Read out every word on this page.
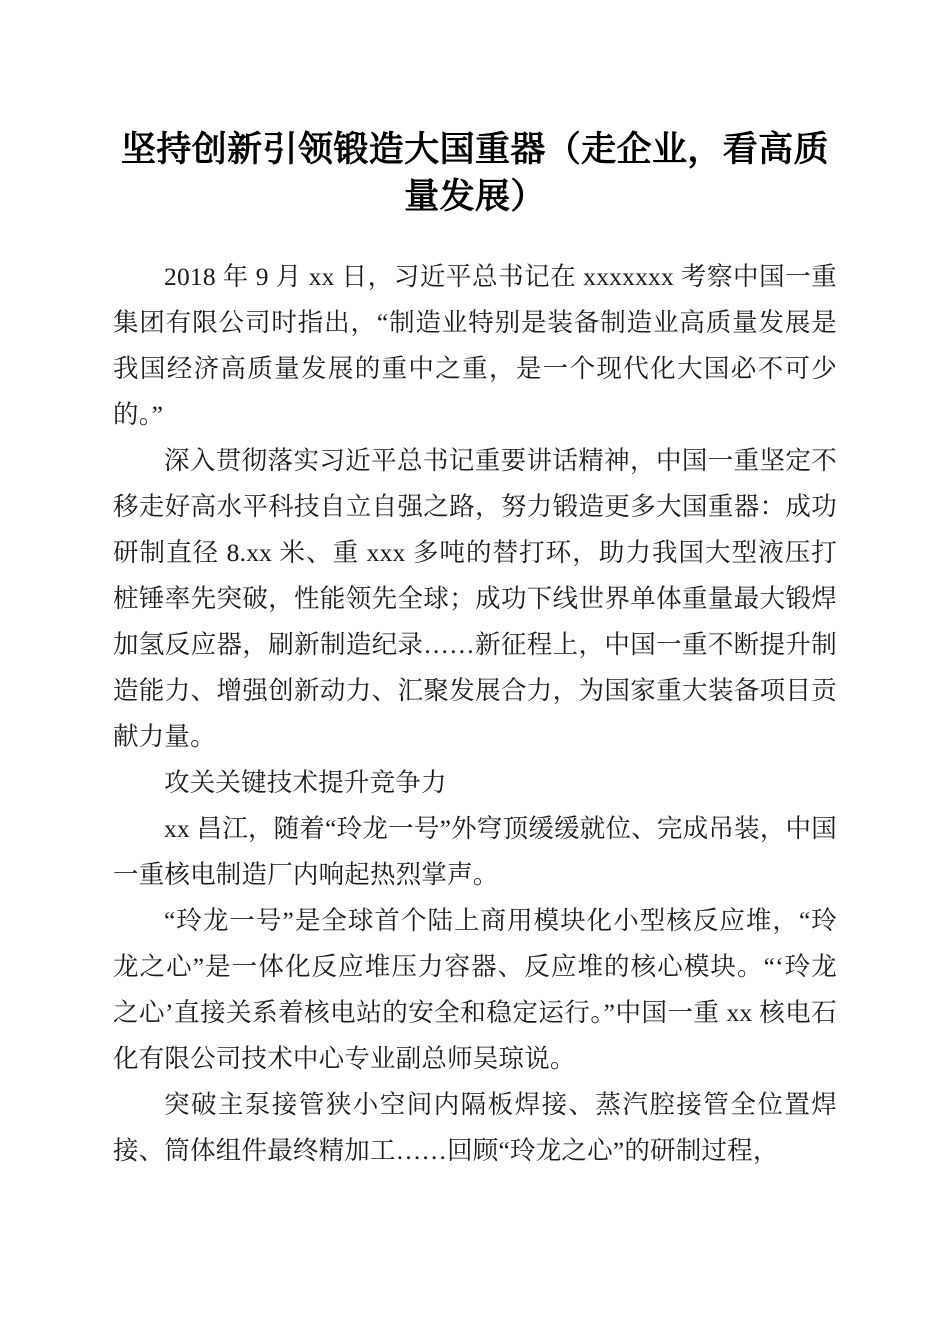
坚持创新引领锻造大国重器（走企业，看高质量发展）

2018 年 9 月 xx 日，习近平总书记在 xxxxxxx 考察中国一重集团有限公司时指出，“制造业特别是装备制造业高质量发展是我国经济高质量发展的重中之重，是一个现代化大国必不可少的。”

深入贯彻落实习近平总书记重要讲话精神，中国一重坚定不移走好高水平科技自立自强之路，努力锻造更多大国重器：成功研制直径 8.xx 米、重 xxx 多吨的替打环，助力我国大型液压打桩锤率先突破，性能领先全球；成功下线世界单体重量最大锻焊加氢反应器，刷新制造纪录……新征程上，中国一重不断提升制造能力、增强创新动力、汇聚发展合力，为国家重大装备项目贡献力量。

攻关关键技术提升竞争力

xx 昌江，随着“玲龙一号”外穹顶缓缓就位、完成吊装，中国一重核电制造厂内响起热烈掌声。

“玲龙一号”是全球首个陆上商用模块化小型核反应堆，“玲龙之心”是一体化反应堆压力容器、反应堆的核心模块。“‘玲龙之心’直接关系着核电站的安全和稳定运行。”中国一重 xx 核电石化有限公司技术中心专业副总师吴琼说。

突破主泵接管狭小空间内隔板焊接、蒸汽腔接管全位置焊接、筒体组件最终精加工……回顾“玲龙之心”的研制过程，
